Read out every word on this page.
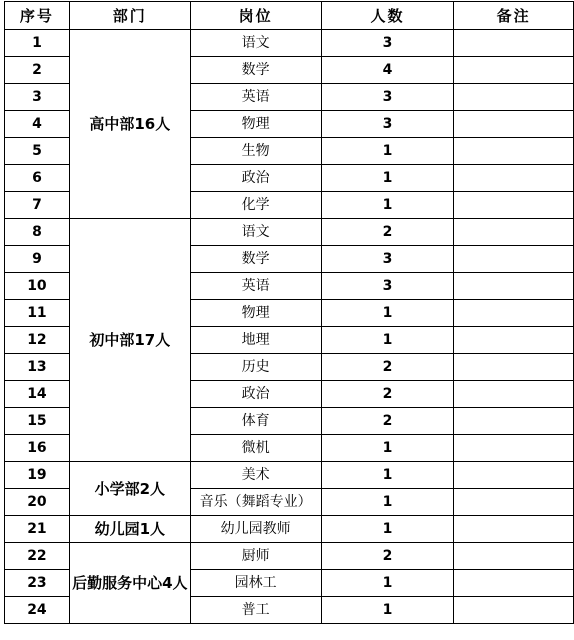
序号	部门	岗位	人数	备注
1	高中部16人	语文	3	
2		数学	4	
3		英语	3	
4		物理	3	
5		生物	1	
6		政治	1	
7		化学	1	
8	初中部17人	语文	2	
9		数学	3	
10		英语	3	
11		物理	1	
12		地理	1	
13		历史	2	
14		政治	2	
15		体育	2	
16		微机	1	
19	小学部2人	美术	1	
20		音乐（舞蹈专业）	1	
21	幼儿园1人	幼儿园教师	1	
22	后勤服务中心4人	厨师	2	
23		园林工	1	
24		普工	1	
